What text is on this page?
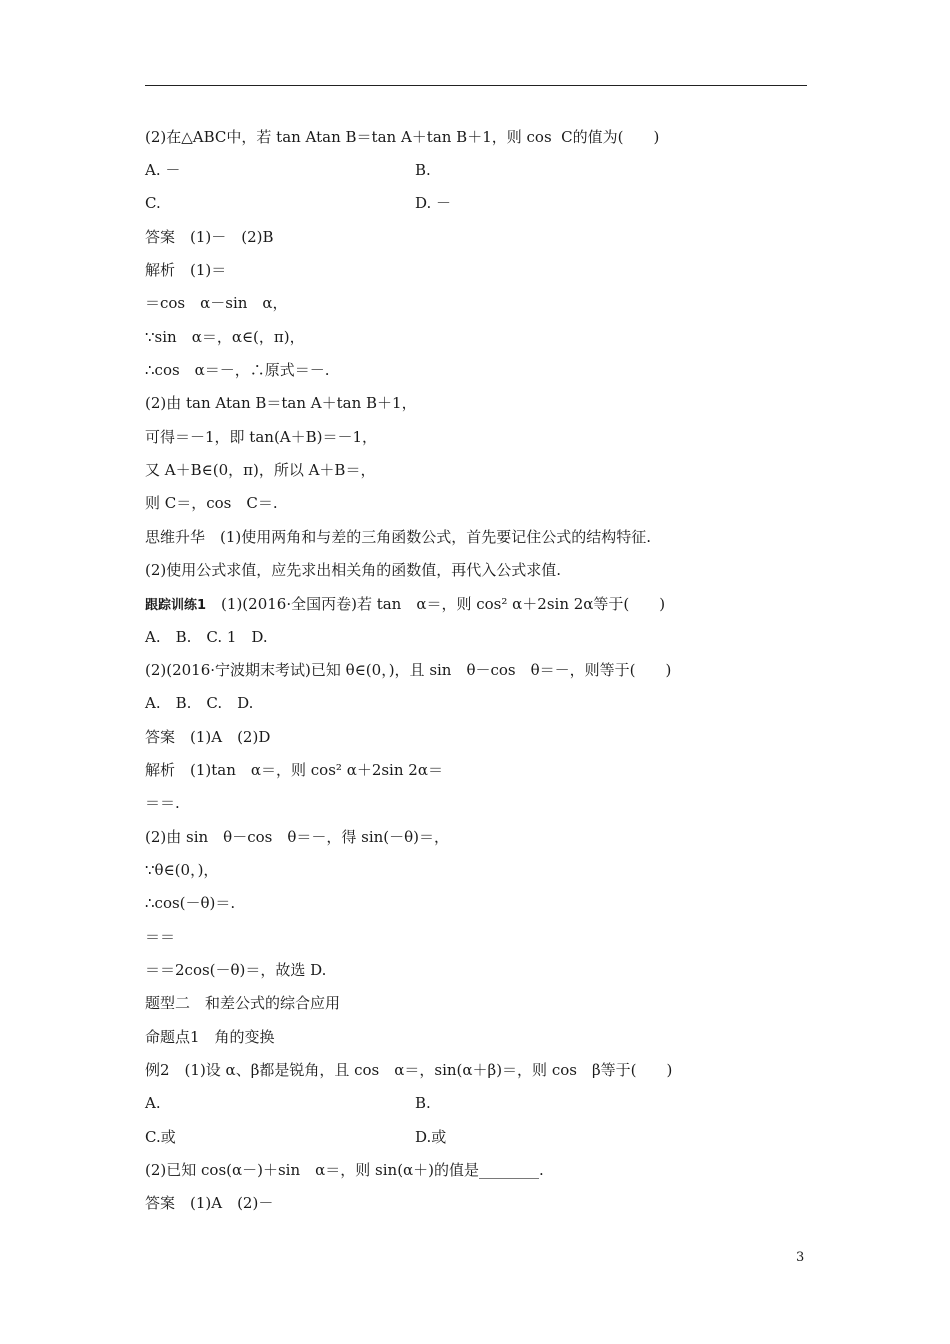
(2)在△ABC中，若 tan Atan B＝tan A＋tan B＋1，则 cos  C的值为(　　)
A. －	B.
C.	D. －
答案　(1)－　(2)B
解析　(1)＝
＝cos　α－sin　α，
∵sin　α＝，α∈(，π)，
∴cos　α＝－，∴原式＝－.
(2)由 tan Atan B＝tan A＋tan B＋1，
可得＝－1，即 tan(A＋B)＝－1，
又 A＋B∈(0，π)，所以 A＋B＝，
则 C＝，cos　C＝.
思维升华　(1)使用两角和与差的三角函数公式，首先要记住公式的结构特征.
(2)使用公式求值，应先求出相关角的函数值，再代入公式求值.
跟踪训练1　(1)(2016·全国丙卷)若 tan　α＝，则 cos² α＋2sin 2α等于(　　)
A.　B.　C. 1　D.
(2)(2016·宁波期末考试)已知 θ∈(0，)，且 sin　θ－cos　θ＝－，则等于(　　)
A.　B.　C.　D.
答案　(1)A　(2)D
解析　(1)tan　α＝，则 cos² α＋2sin 2α＝
＝＝.
(2)由 sin　θ－cos　θ＝－，得 sin(－θ)＝，
∵θ∈(0，)，
∴cos(－θ)＝.
＝＝
＝＝2cos(－θ)＝，故选 D.
题型二　和差公式的综合应用
命题点1　角的变换
例2　(1)设 α、β都是锐角，且 cos　α＝，sin(α＋β)＝，则 cos　β等于(　　)
A.	B.
C.或	D.或
(2)已知 cos(α－)＋sin　α＝，则 sin(α＋)的值是________.
答案　(1)A　(2)－
3
